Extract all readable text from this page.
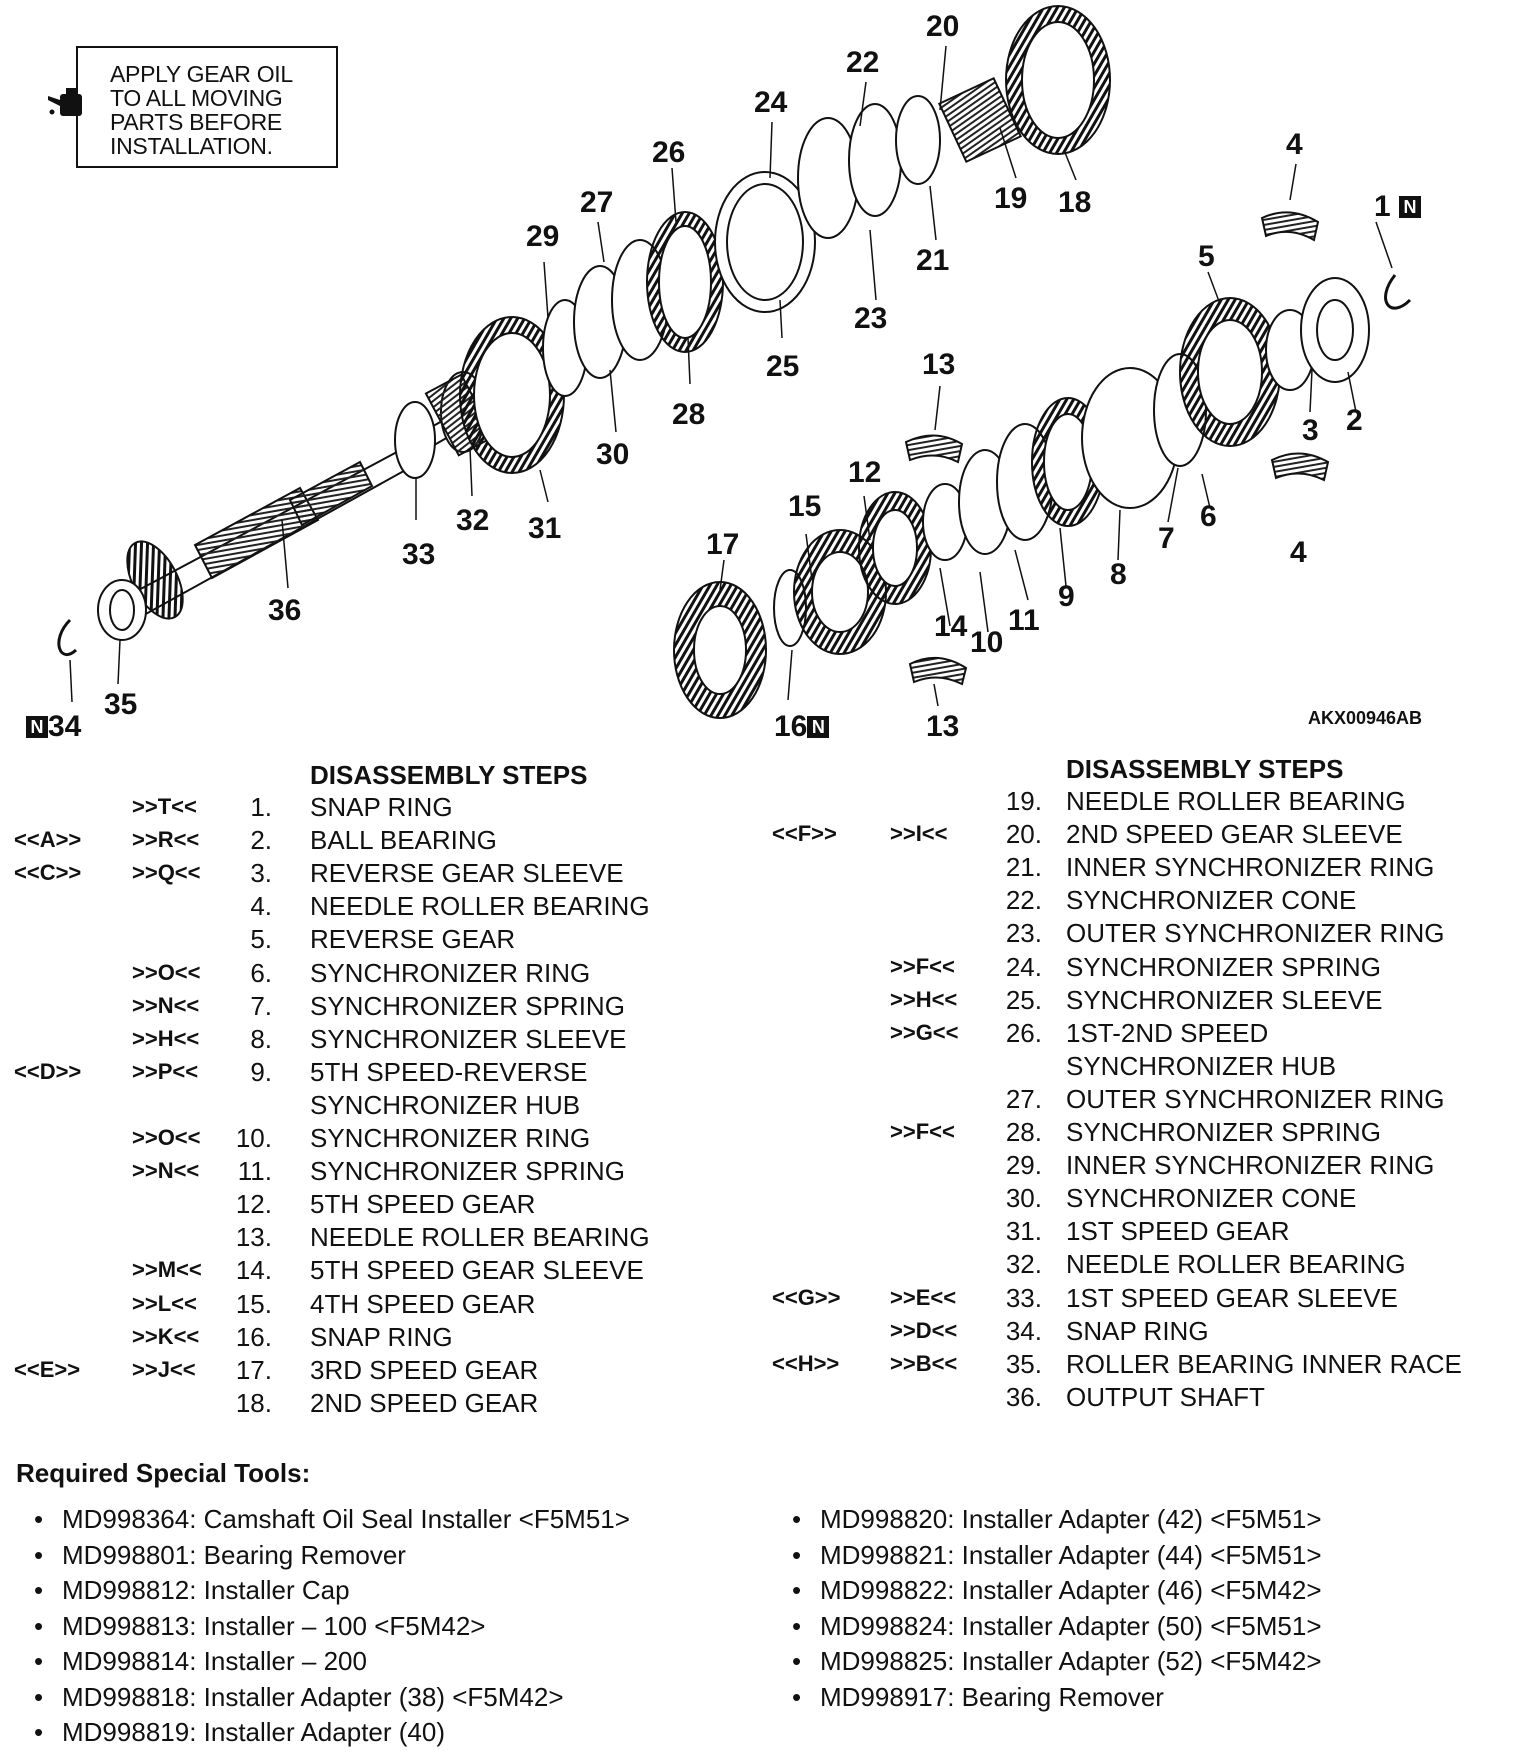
APPLY GEAR OIL
TO ALL MOVING
PARTS BEFORE
INSTALLATION.
1 N
2
3
4
4
5
6
7
8
9
10
11
12
13
13
14
15
16 N
17
18
19
20
21
22
23
24
25
26
27
28
29
30
31
32
33
N 34
35
36
AKX00946AB
DISASSEMBLY STEPS	DISASSEMBLY STEPS
>>T<<	1. SNAP RING
<<A>> >>R<<	2. BALL BEARING
<<C>> >>Q<<	3. REVERSE GEAR SLEEVE
4. NEEDLE ROLLER BEARING
5. REVERSE GEAR
>>O<<	6. SYNCHRONIZER RING
>>N<<	7. SYNCHRONIZER SPRING
>>H<<	8. SYNCHRONIZER SLEEVE
<<D>> >>P<<	9. 5TH SPEED-REVERSE
SYNCHRONIZER HUB
>>O<<	10. SYNCHRONIZER RING
>>N<<	11. SYNCHRONIZER SPRING
12. 5TH SPEED GEAR
13. NEEDLE ROLLER BEARING
>>M<<	14. 5TH SPEED GEAR SLEEVE
>>L<<	15. 4TH SPEED GEAR
>>K<<	16. SNAP RING
<<E>> >>J<<	17. 3RD SPEED GEAR
18. 2ND SPEED GEAR
19. NEEDLE ROLLER BEARING
<<F>> >>I<<	20. 2ND SPEED GEAR SLEEVE
21. INNER SYNCHRONIZER RING
22. SYNCHRONIZER CONE
23. OUTER SYNCHRONIZER RING
>>F<<	24. SYNCHRONIZER SPRING
>>H<<	25. SYNCHRONIZER SLEEVE
>>G<<	26. 1ST-2ND SPEED
SYNCHRONIZER HUB
27. OUTER SYNCHRONIZER RING
>>F<<	28. SYNCHRONIZER SPRING
29. INNER SYNCHRONIZER RING
30. SYNCHRONIZER CONE
31. 1ST SPEED GEAR
32. NEEDLE ROLLER BEARING
<<G>> >>E<<	33. 1ST SPEED GEAR SLEEVE
>>D<<	34. SNAP RING
<<H>> >>B<<	35. ROLLER BEARING INNER RACE
36. OUTPUT SHAFT
Required Special Tools:
• MD998364: Camshaft Oil Seal Installer <F5M51>
• MD998801: Bearing Remover
• MD998812: Installer Cap
• MD998813: Installer – 100 <F5M42>
• MD998814: Installer – 200
• MD998818: Installer Adapter (38) <F5M42>
• MD998819: Installer Adapter (40)
• MD998820: Installer Adapter (42) <F5M51>
• MD998821: Installer Adapter (44) <F5M51>
• MD998822: Installer Adapter (46) <F5M42>
• MD998824: Installer Adapter (50) <F5M51>
• MD998825: Installer Adapter (52) <F5M42>
• MD998917: Bearing Remover
